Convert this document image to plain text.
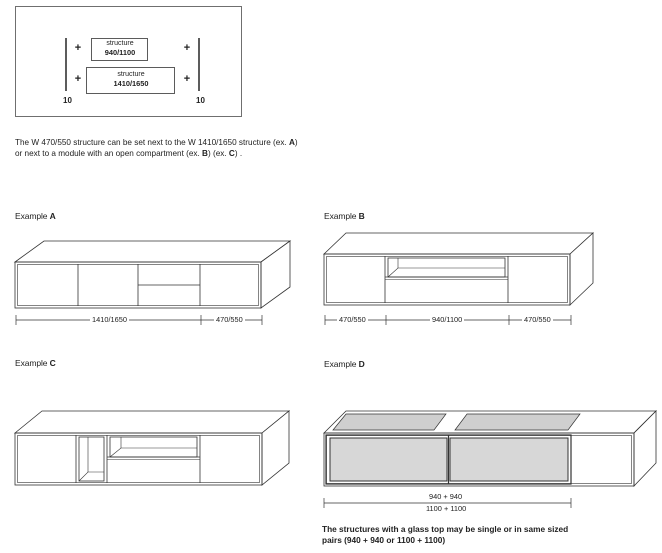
structure
940/1100
structure
1410/1650
+
+
+
+
10	10
The W 470/550 structure can be set next to the W 1410/1650 structure (ex. A)
or next to a module with an open compartment (ex. B) (ex. C) .
Example A	Example B
Example C	Example D
1410/1650	470/550	470/550	940/1100	470/550
940 + 940
1100 + 1100
The structures with a glass top may be single or in same sized
pairs (940 + 940 or 1100 + 1100)
